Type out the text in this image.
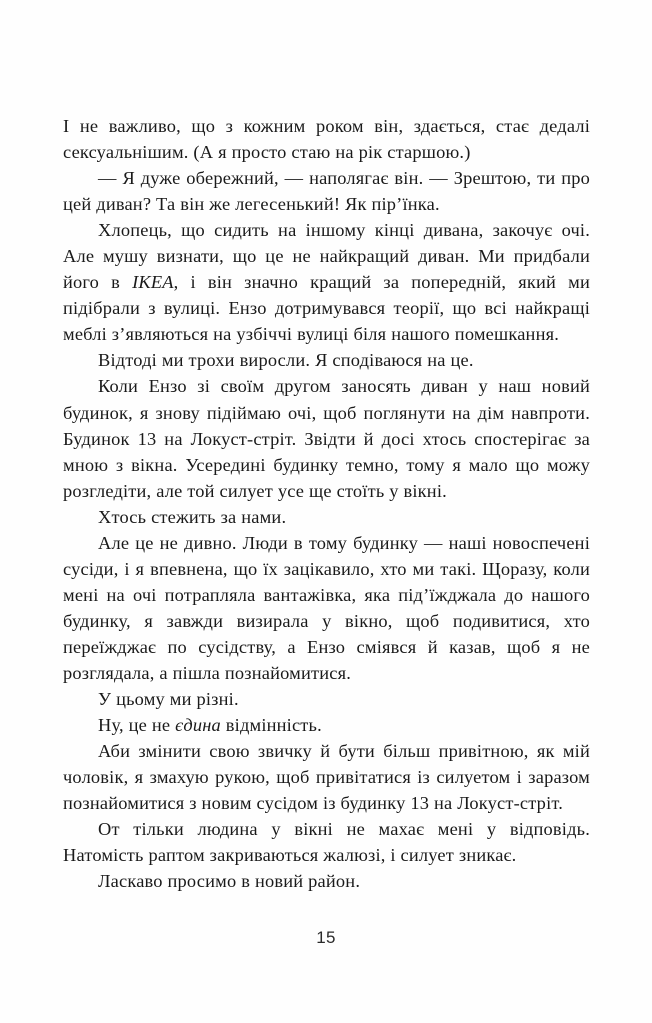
І не важливо, що з кожним роком він, здається, стає дедалі сексуальнішим. (А я просто стаю на рік старшою.)

— Я дуже обережний, — наполягає він. — Зрештою, ти про цей диван? Та він же легесенький! Як пір’їнка.

Хлопець, що сидить на іншому кінці дивана, закочує очі. Але мушу визнати, що це не найкращий диван. Ми придбали його в IKEA, і він значно кращий за попередній, який ми підібрали з вулиці. Ензо дотримувався теорії, що всі найкращі меблі з’являються на узбіччі вулиці біля нашого помешкання.

Відтоді ми трохи виросли. Я сподіваюся на це.

Коли Ензо зі своїм другом заносять диван у наш новий будинок, я знову підіймаю очі, щоб поглянути на дім навпроти. Будинок 13 на Локуст-стріт. Звідти й досі хтось спостерігає за мною з вікна. Усередині будинку темно, тому я мало що можу розгледіти, але той силует усе ще стоїть у вікні.

Хтось стежить за нами.

Але це не дивно. Люди в тому будинку — наші новоспечені сусіди, і я впевнена, що їх зацікавило, хто ми такі. Щоразу, коли мені на очі потрапляла вантажівка, яка під’їжджала до нашого будинку, я завжди визирала у вікно, щоб подивитися, хто переїжджає по сусідству, а Ензо сміявся й казав, щоб я не розглядала, а пішла познайомитися.

У цьому ми різні.

Ну, це не єдина відмінність.

Аби змінити свою звичку й бути більш привітною, як мій чоловік, я змахую рукою, щоб привітатися із силуетом і заразом познайомитися з новим сусідом із будинку 13 на Локуст-стріт.

От тільки людина у вікні не махає мені у відповідь. Натомість раптом закриваються жалюзі, і силует зникає.

Ласкаво просимо в новий район.

15
